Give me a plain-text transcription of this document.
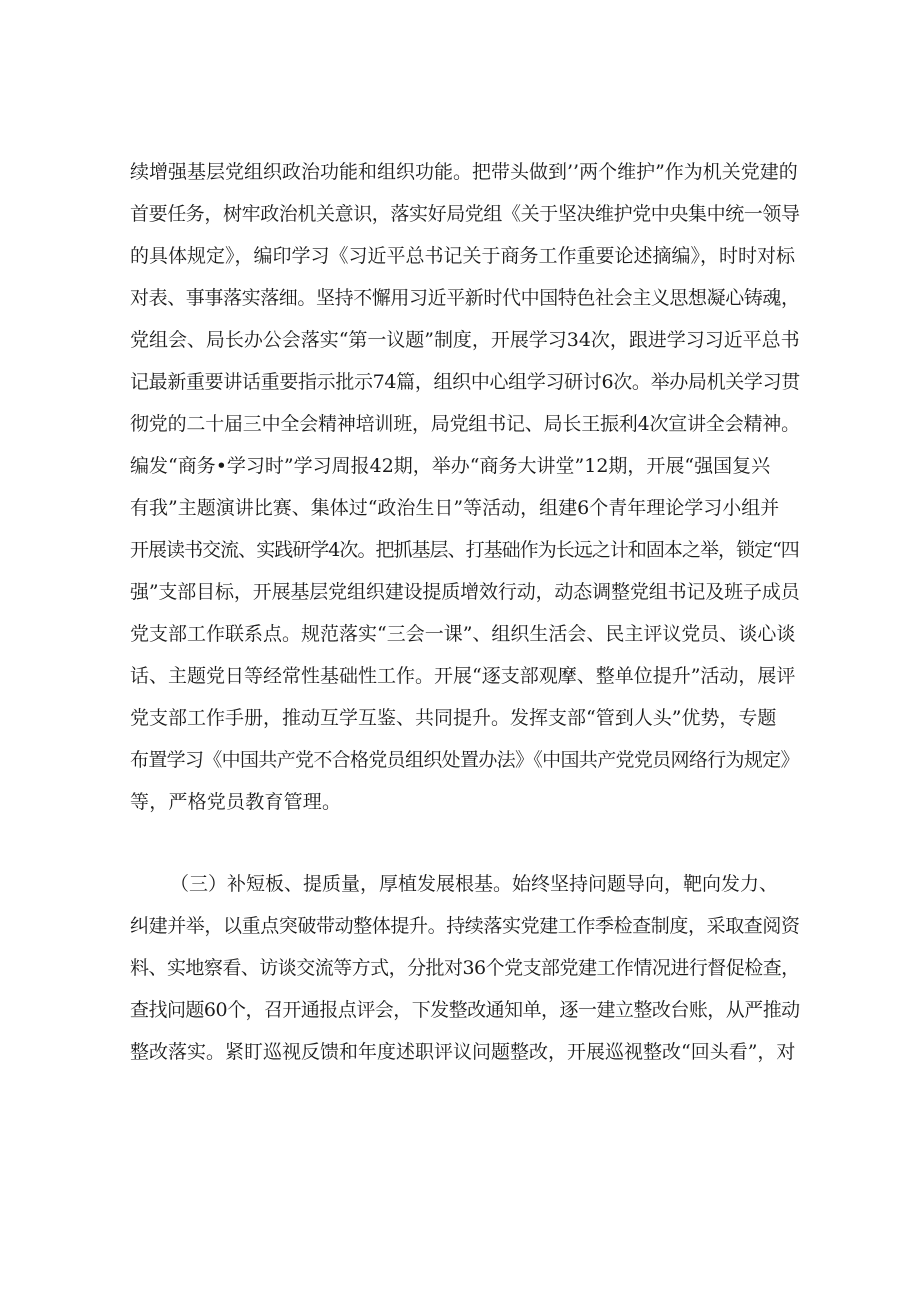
续增强基层党组织政治功能和组织功能。把带头做到’’两个维护”作为机关党建的
首要任务，树牢政治机关意识，落实好局党组《关于坚决维护党中央集中统一领导
的具体规定》，编印学习《习近平总书记关于商务工作重要论述摘编》，时时对标
对表、事事落实落细。坚持不懈用习近平新时代中国特色社会主义思想凝心铸魂，
党组会、局长办公会落实“第一议题”制度，开展学习34次，跟进学习习近平总书
记最新重要讲话重要指示批示74篇，组织中心组学习研讨6次。举办局机关学习贯
彻党的二十届三中全会精神培训班，局党组书记、局长王振利4次宣讲全会精神。
编发“商务•学习时”学习周报42期，举办“商务大讲堂”12期，开展“强国复兴
有我”主题演讲比赛、集体过“政治生日”等活动，组建6个青年理论学习小组并
开展读书交流、实践研学4次。把抓基层、打基础作为长远之计和固本之举，锁定“四
强”支部目标，开展基层党组织建设提质增效行动，动态调整党组书记及班子成员
党支部工作联系点。规范落实“三会一课”、组织生活会、民主评议党员、谈心谈
话、主题党日等经常性基础性工作。开展“逐支部观摩、整单位提升”活动，展评
党支部工作手册，推动互学互鉴、共同提升。发挥支部“管到人头”优势，专题
布置学习《中国共产党不合格党员组织处置办法》《中国共产党党员网络行为规定》
等，严格党员教育管理。
（三）补短板、提质量，厚植发展根基。始终坚持问题导向，靶向发力、
纠建并举，以重点突破带动整体提升。持续落实党建工作季检查制度，采取查阅资
料、实地察看、访谈交流等方式，分批对36个党支部党建工作情况进行督促检查，
查找问题60个，召开通报点评会，下发整改通知单，逐一建立整改台账，从严推动
整改落实。紧盯巡视反馈和年度述职评议问题整改，开展巡视整改“回头看”，对
